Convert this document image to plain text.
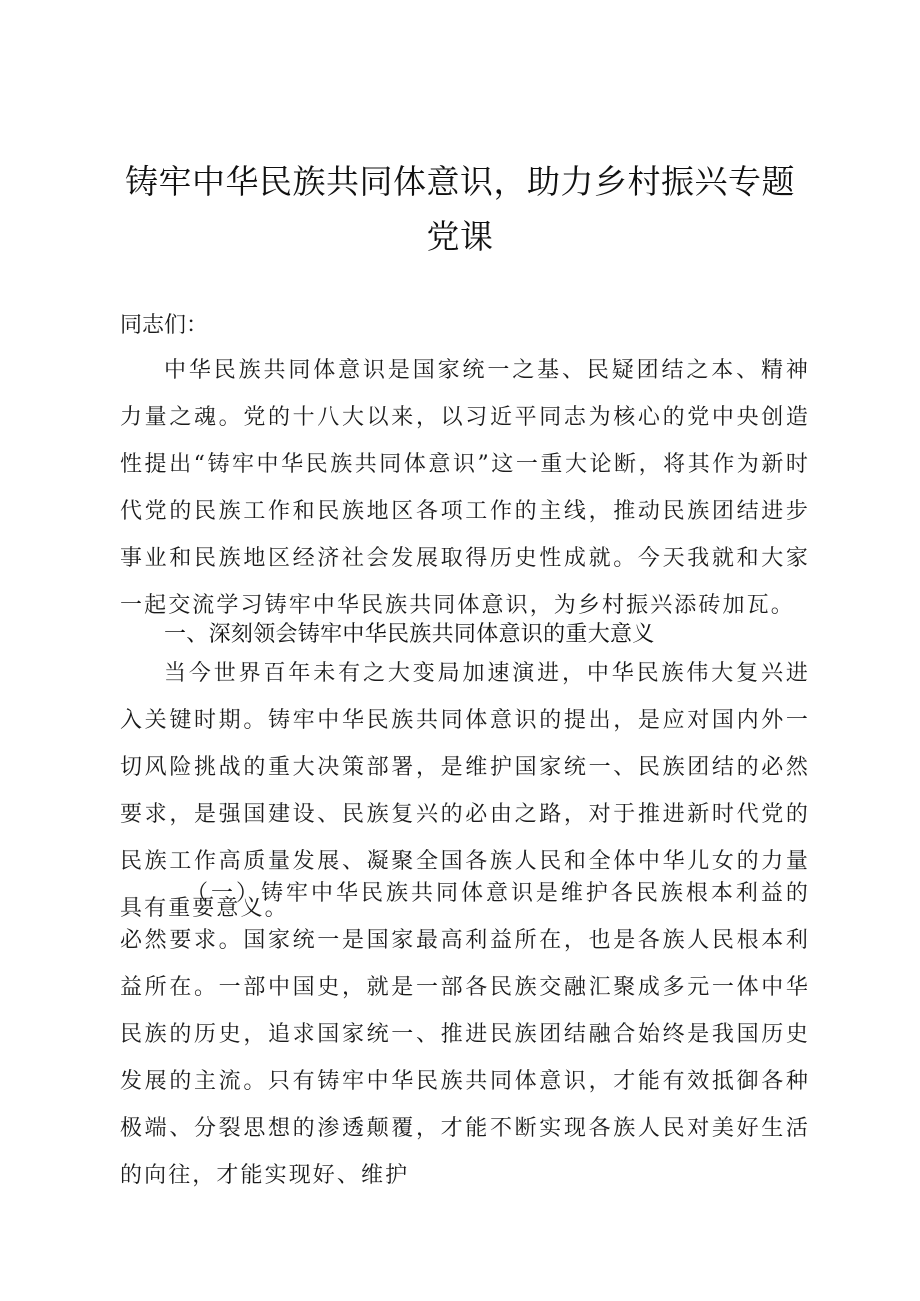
铸牢中华民族共同体意识，助力乡村振兴专题
党课

同志们：

中华民族共同体意识是国家统一之基、民疑团结之本、精神力量之魂。党的十八大以来，以习近平同志为核心的党中央创造性提出“铸牢中华民族共同体意识”这一重大论断，将其作为新时代党的民族工作和民族地区各项工作的主线，推动民族团结进步事业和民族地区经济社会发展取得历史性成就。今天我就和大家一起交流学习铸牢中华民族共同体意识，为乡村振兴添砖加瓦。

一、深刻领会铸牢中华民族共同体意识的重大意义

当今世界百年未有之大变局加速演进，中华民族伟大复兴进入关键时期。铸牢中华民族共同体意识的提出，是应对国内外一切风险挑战的重大决策部署，是维护国家统一、民族团结的必然要求，是强国建设、民族复兴的必由之路，对于推进新时代党的民族工作高质量发展、凝聚全国各族人民和全体中华儿女的力量具有重要意义。

（一）铸牢中华民族共同体意识是维护各民族根本利益的必然要求。国家统一是国家最高利益所在，也是各族人民根本利益所在。一部中国史，就是一部各民族交融汇聚成多元一体中华民族的历史，追求国家统一、推进民族团结融合始终是我国历史发展的主流。只有铸牢中华民族共同体意识，才能有效抵御各种极端、分裂思想的渗透颠覆，才能不断实现各族人民对美好生活的向往，才能实现好、维护
